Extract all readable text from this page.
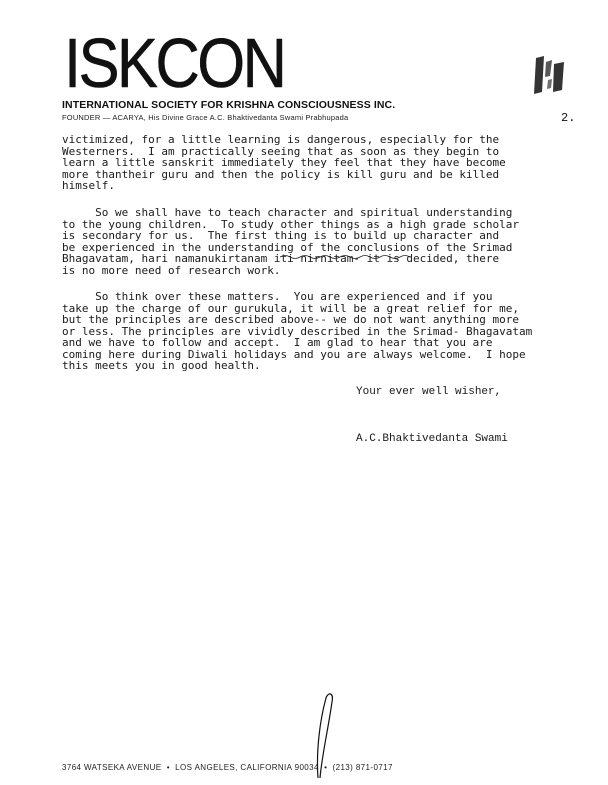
ISKCON
INTERNATIONAL SOCIETY FOR KRISHNA CONSCIOUSNESS INC.
FOUNDER — ACARYA, His Divine Grace A.C. Bhaktivedanta Swami Prabhupada	2.
victimized, for a little learning is dangerous, especially for the
Westerners.  I am practically seeing that as soon as they begin to
learn a little sanskrit immediately they feel that they have become
more thantheir guru and then the policy is kill guru and be killed
himself.
So we shall have to teach character and spiritual understanding
to the young children.  To study other things as a high grade scholar
is secondary for us.  The first thing is to build up character and
be experienced in the understanding of the conclusions of the Srimad
Bhagavatam, hari namanukirtanam iti nirnitam- it is decided, there
is no more need of research work.
So think over these matters.  You are experienced and if you
take up the charge of our gurukula, it will be a great relief for me,
but the principles are described above-- we do not want anything more
or less. The principles are vividly described in the Srimad- Bhagavatam
and we have to follow and accept.  I am glad to hear that you are
coming here during Diwali holidays and you are always welcome.  I hope
this meets you in good health.
Your ever well wisher,
A.C.Bhaktivedanta Swami
3764 WATSEKA AVENUE  •  LOS ANGELES, CALIFORNIA 90034  •  (213) 871-0717
